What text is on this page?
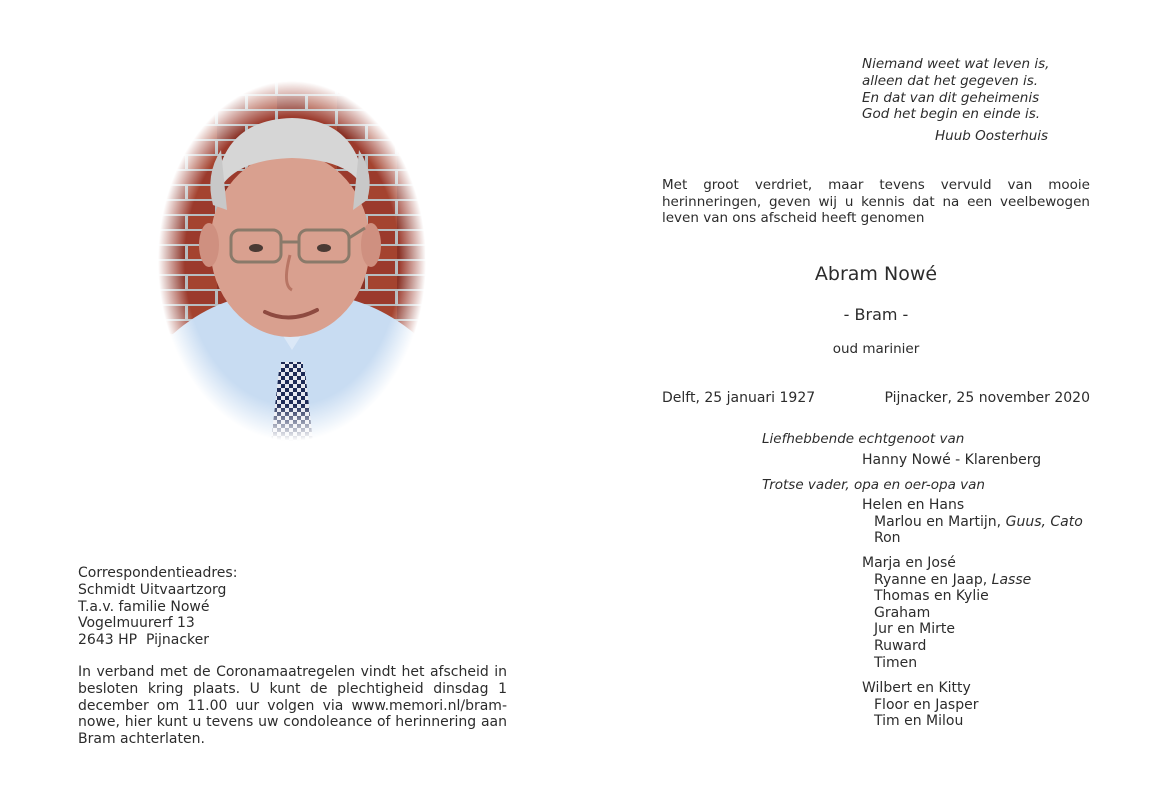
Niemand weet wat leven is,
alleen dat het gegeven is.
En dat van dit geheimenis
God het begin en einde is.
Huub Oosterhuis
Met groot verdriet, maar tevens vervuld van mooie herinneringen, geven wij u kennis dat na een veelbewogen leven van ons afscheid heeft genomen
Abram Nowé
- Bram -
oud marinier
Delft, 25 januari 1927	Pijnacker, 25 november 2020
Liefhebbende echtgenoot van
Hanny Nowé - Klarenberg
Trotse vader, opa en oer-opa van
Helen en Hans
Marlou en Martijn, Guus, Cato
Ron
Marja en José
Ryanne en Jaap, Lasse
Thomas en Kylie
Graham
Jur en Mirte
Ruward
Timen
Wilbert en Kitty
Floor en Jasper
Tim en Milou
Correspondentieadres:
Schmidt Uitvaartzorg
T.a.v. familie Nowé
Vogelmuurerf 13
2643 HP  Pijnacker
In verband met de Coronamaatregelen vindt het afscheid in besloten kring plaats. U kunt de plechtigheid dinsdag 1 december om 11.00 uur volgen via www.memori.nl/bram-nowe, hier kunt u tevens uw condoleance of herinnering aan Bram achterlaten.
